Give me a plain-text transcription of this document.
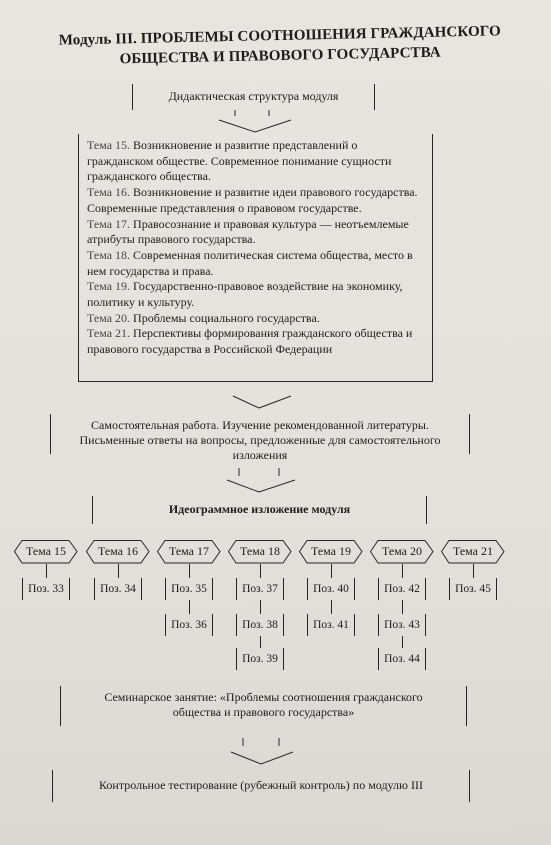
Модуль III. ПРОБЛЕМЫ СООТНОШЕНИЯ ГРАЖДАНСКОГО
ОБЩЕСТВА И ПРАВОВОГО ГОСУДАРСТВА
Дидактическая структура модуля

Тема 15. Возникновение и развитие представлений о гражданском обществе. Современное понимание сущности гражданского общества.

Тема 16. Возникновение и развитие идеи правового государства. Современные представления о правовом государстве.

Тема 17. Правосознание и правовая культура — неотъемлемые атрибуты правового государства.

Тема 18. Современная политическая система общества, место в нем государства и права.

Тема 19. Государственно-правовое воздействие на экономику, политику и культуру.

Тема 20. Проблемы социального государства.

Тема 21. Перспективы формирования гражданского общества и правового государства в Российской Федерации

Самостоятельная работа. Изучение рекомендованной литературы.
Письменные ответы на вопросы, предложенные для самостоятельного изложения
Идеограммное изложение модуля
Тема 15
Поз. 33
Тема 16
Поз. 34
Тема 17
Поз. 35
Поз. 36
Тема 18
Поз. 37
Поз. 38
Поз. 39
Тема 19
Поз. 40
Поз. 41
Тема 20
Поз. 42
Поз. 43
Поз. 44
Тема 21
Поз. 45
Семинарское занятие: «Проблемы соотношения гражданского
общества и правового государства»
Контрольное тестирование (рубежный контроль) по модулю III
